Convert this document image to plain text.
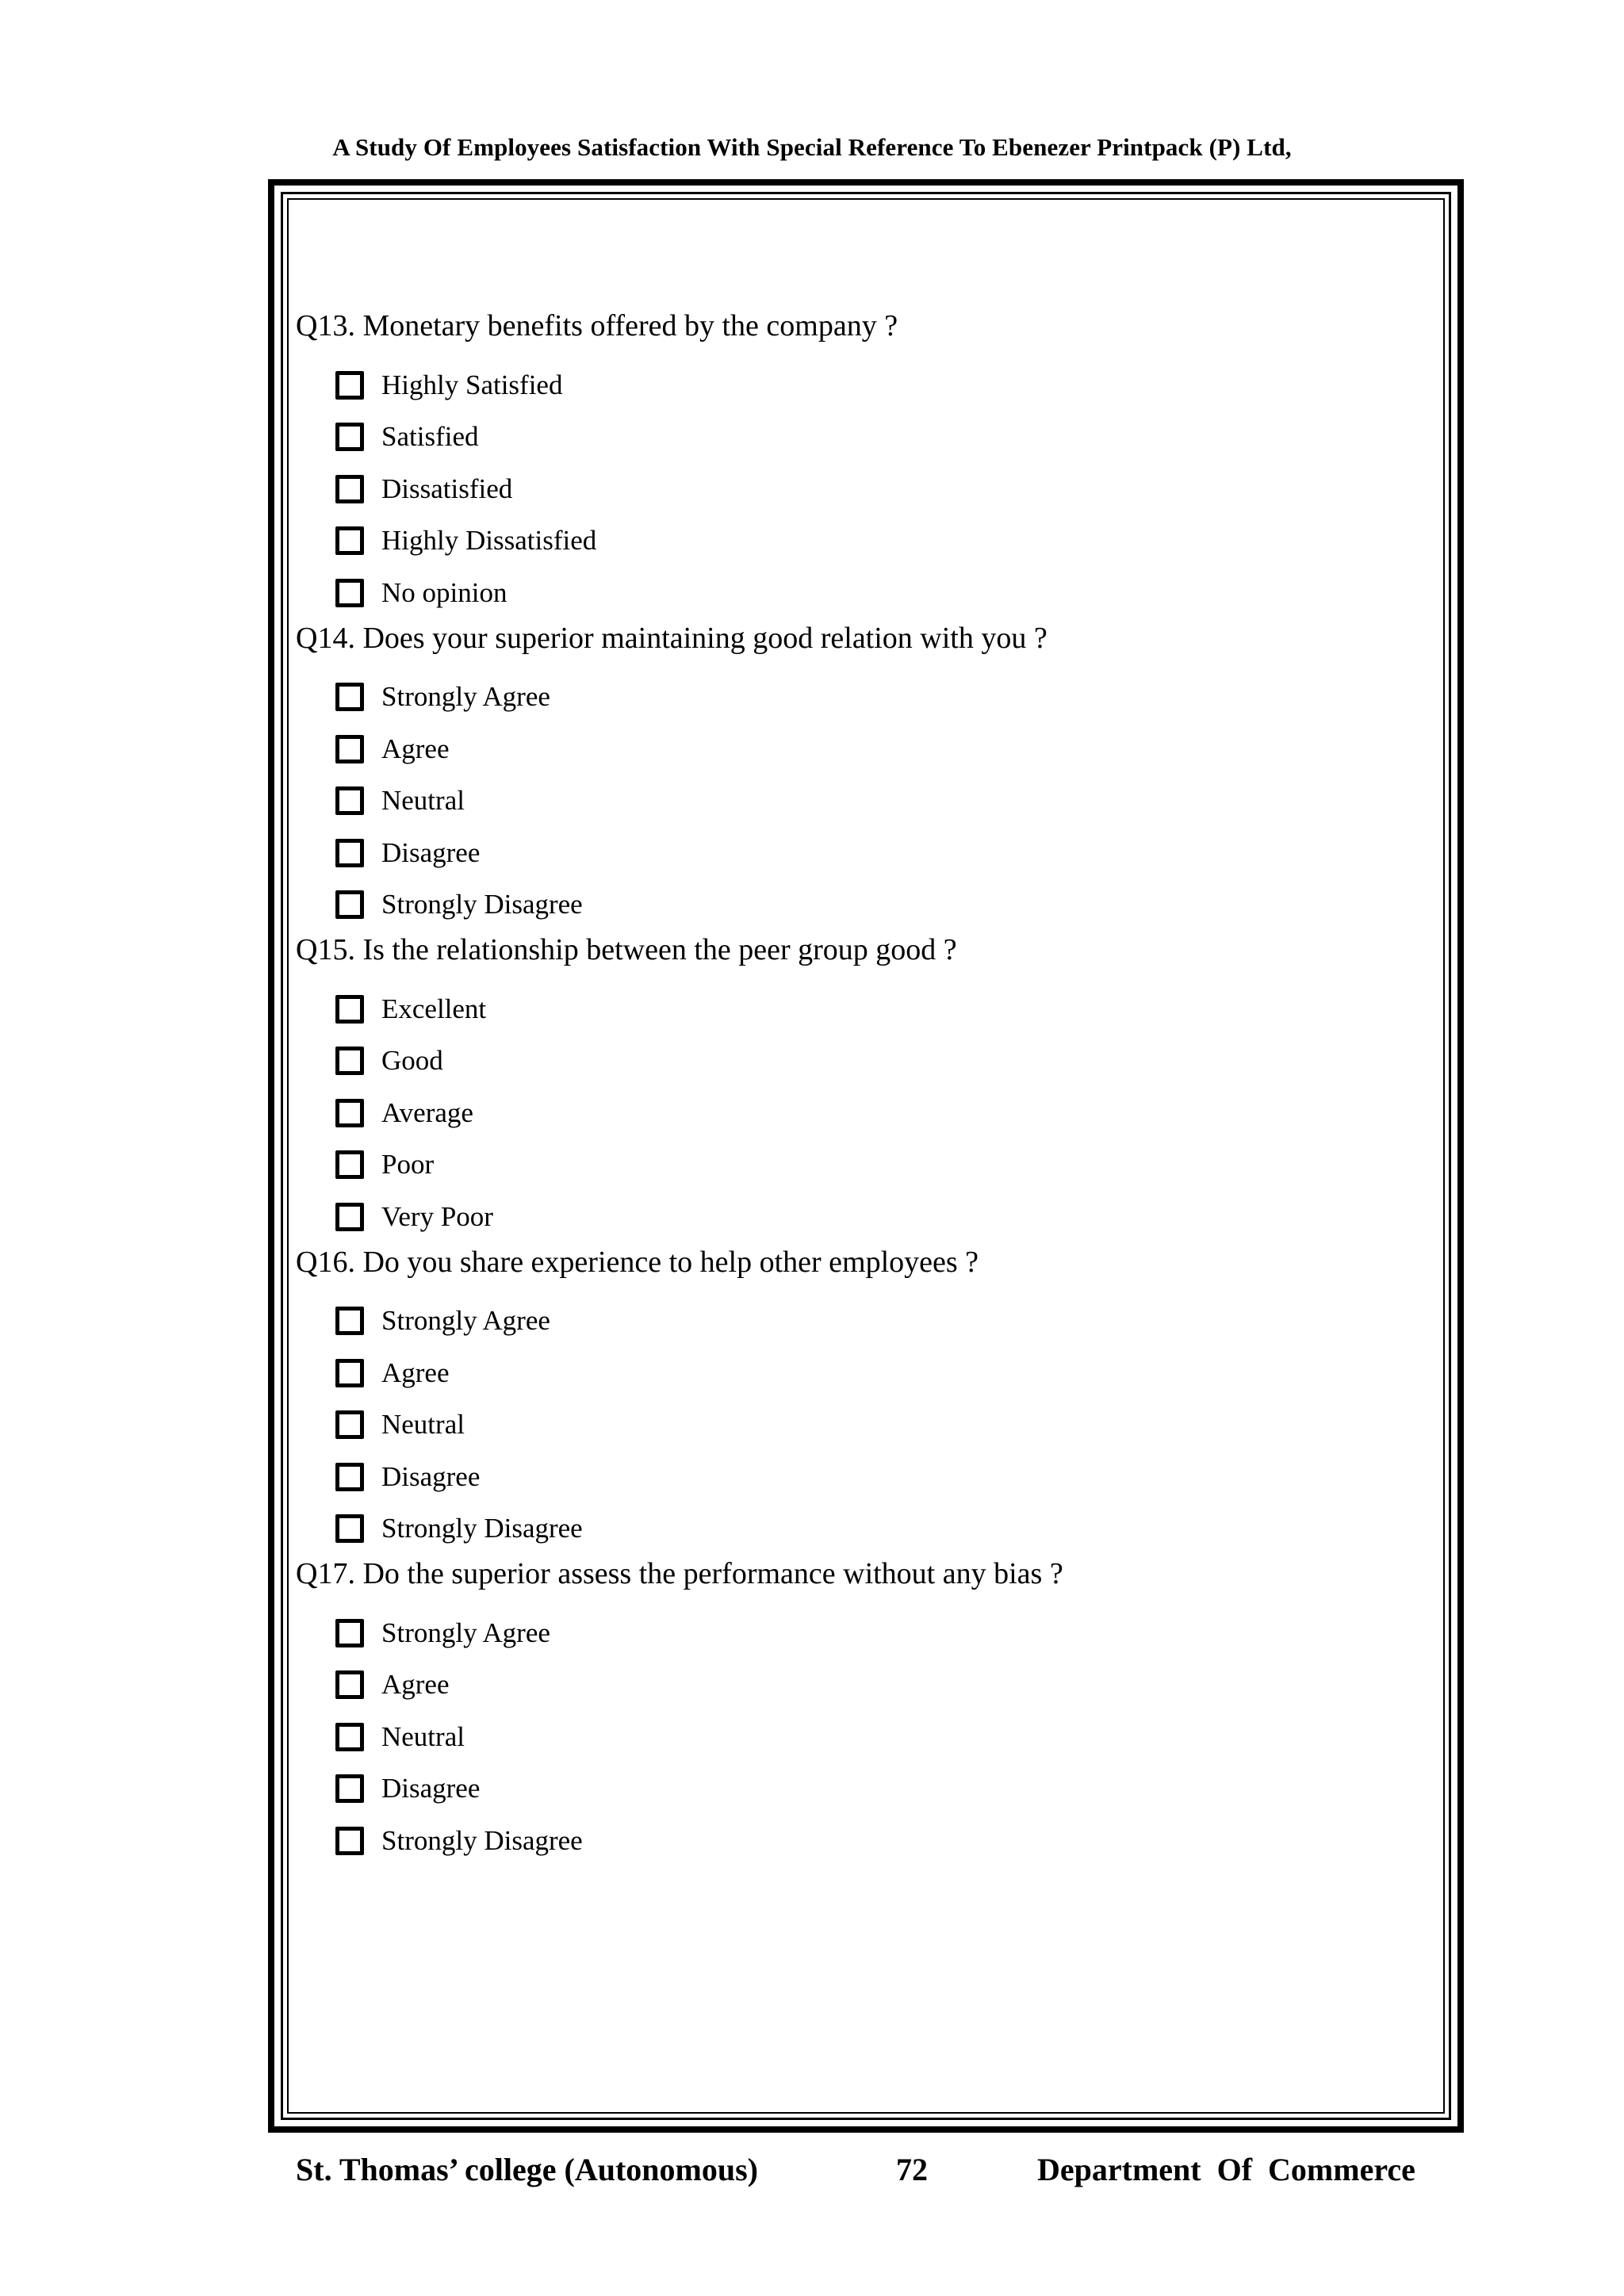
A Study Of Employees Satisfaction With Special Reference To Ebenezer Printpack (P) Ltd,
Q13. Monetary benefits offered by the company ?
Highly Satisfied
Satisfied
Dissatisfied
Highly Dissatisfied
No opinion
Q14. Does your superior maintaining good relation with you ?
Strongly Agree
Agree
Neutral
Disagree
Strongly Disagree
Q15. Is the relationship between the peer group good ?
Excellent
Good
Average
Poor
Very Poor
Q16. Do you share experience to help other employees ?
Strongly Agree
Agree
Neutral
Disagree
Strongly Disagree
Q17. Do the superior assess the performance without any bias ?
Strongly Agree
Agree
Neutral
Disagree
Strongly Disagree
St. Thomas’ college (Autonomous)	72	Department  Of  Commerce
